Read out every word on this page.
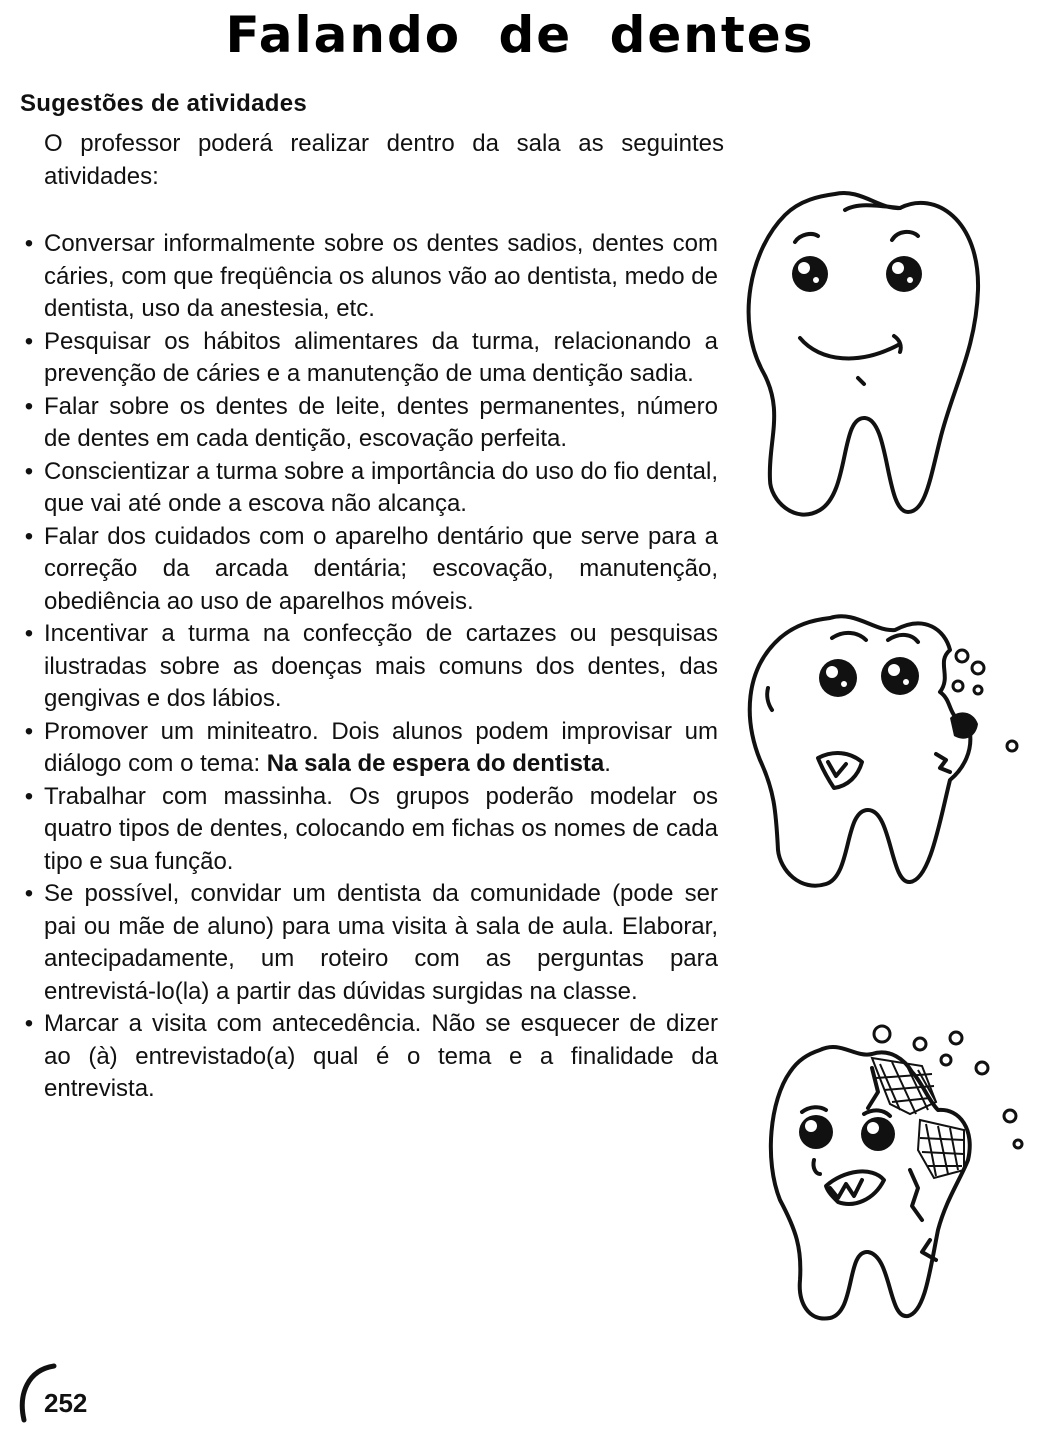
Falando de dentes
Sugestões de atividades
O professor poderá realizar dentro da sala as seguintes atividades:
• Conversar informalmente sobre os dentes sadios, dentes com cáries, com que freqüência os alunos vão ao dentista, medo de dentista, uso da anestesia, etc.
• Pesquisar os hábitos alimentares da turma, relacionando a prevenção de cáries e a manutenção de uma dentição sadia.
• Falar sobre os dentes de leite, dentes permanentes, número de dentes em cada dentição, escovação perfeita.
• Conscientizar a turma sobre a importância do uso do fio dental, que vai até onde a escova não alcança.
• Falar dos cuidados com o aparelho dentário que serve para a correção da arcada dentária; escovação, manutenção, obediência ao uso de aparelhos móveis.
• Incentivar a turma na confecção de cartazes ou pesquisas ilustradas sobre as doenças mais comuns dos dentes, das gengivas e dos lábios.
• Promover um miniteatro. Dois alunos podem improvisar um diálogo com o tema: Na sala de espera do dentista.
• Trabalhar com massinha. Os grupos poderão modelar os quatro tipos de dentes, colocando em fichas os nomes de cada tipo e sua função.
• Se possível, convidar um dentista da comunidade (pode ser pai ou mãe de aluno) para uma visita à sala de aula. Elaborar, antecipadamente, um roteiro com as perguntas para entrevistá-lo(la) a partir das dúvidas surgidas na classe.
• Marcar a visita com antecedência. Não se esquecer de dizer ao (à) entrevistado(a) qual é o tema e a finalidade da entrevista.
252
